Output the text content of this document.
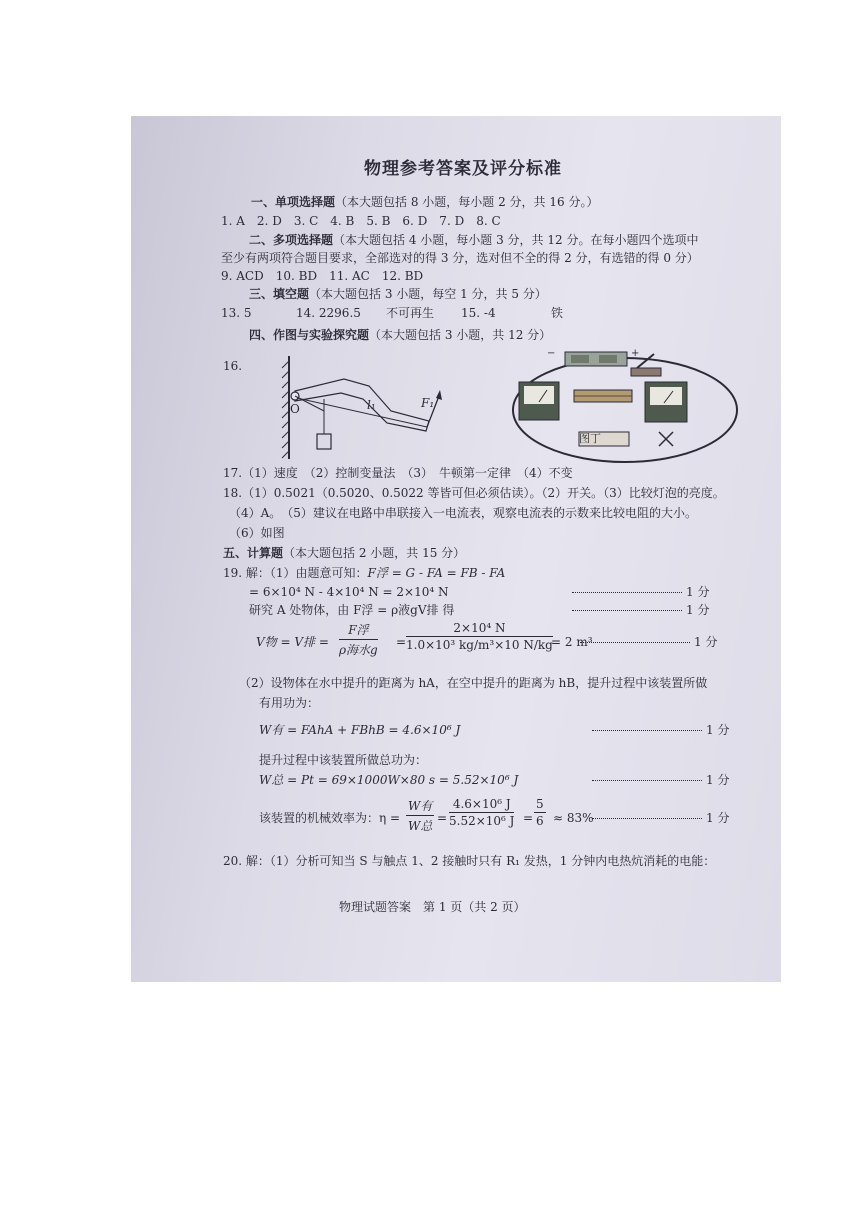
物理参考答案及评分标准
一、单项选择题（本大题包括 8 小题，每小题 2 分，共 16 分。）
1. A　2. D　3. C　4. B　5. B　6. D　7. D　8. C
二、多项选择题（本大题包括 4 小题，每小题 3 分，共 12 分。在每小题四个选项中
至少有两项符合题目要求，全部选对的得 3 分，选对但不全的得 2 分，有选错的得 0 分）
9. ACD　10. BD　11. AC　12. BD
三、填空题（本大题包括 3 小题，每空 1 分，共 5 分）
13. 5	14. 2296.5 不可再生 15. -4	铁
四、作图与实验探究题（本大题包括 3 小题，共 12 分）
16.
O	l₁	F₁
−	+
图丁
17.（1）速度　（2）控制变量法　（3）　牛顿第一定律　（4）不变
18.（1）0.5021（0.5020、0.5022 等皆可但必须估读）。（2）开关。（3）比较灯泡的亮度。
（4）A。　（5）建议在电路中串联接入一电流表，观察电流表的示数来比较电阻的大小。
（6）如图
五、计算题（本大题包括 2 小题，共 15 分）
19. 解：（1）由题意可知：F浮 = G - FA = FB - FA
= 6×10⁴ N - 4×10⁴ N = 2×10⁴ N	1 分
研究 A 处物体，由 F浮 = ρ液gV排 得	1 分
V物 = V排 =
F浮
ρ海水g
= $\frac{\text{2×10⁴ N}}{\text{1.0×10³ kg/m³×10 N/kg}}$
= 2 m³	1 分
（2）设物体在水中提升的距离为 hA，在空中提升的距离为 hB，提升过程中该装置所做
有用功为：
W有 = FAhA + FBhB = 4.6×10⁶ J	1 分
提升过程中该装置所做总功为：
W总 = Pt = 69×1000W×80 s = 5.52×10⁶ J	1 分
该装置的机械效率为：η =
W有
W总
= $\frac{\text{4.6×10⁶ J}}{\text{5.52×10⁶ J}} = \frac{5}{6} \approx 83\%$	1 分
20. 解：（1）分析可知当 S 与触点 1、2 接触时只有 R₁ 发热，1 分钟内电热炕消耗的电能：
物理试题答案　第 1 页（共 2 页）
